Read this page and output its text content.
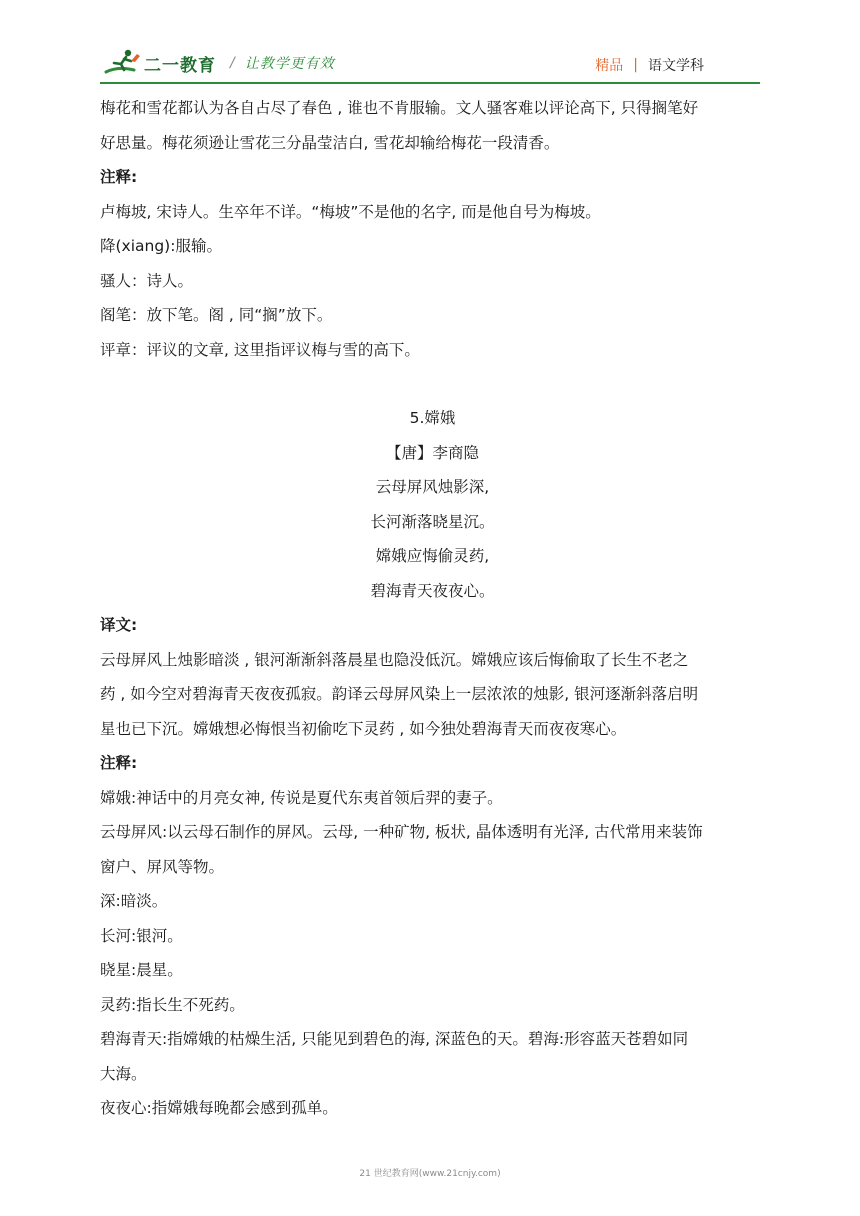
二一教育 / 让教学更有效	精品 | 语文学科

梅花和雪花都认为各自占尽了春色 , 谁也不肯服输。文人骚客难以评论高下, 只得搁笔好

好思量。梅花须逊让雪花三分晶莹洁白, 雪花却输给梅花一段清香。

注释:

卢梅坡, 宋诗人。生卒年不详。“梅坡”不是他的名字, 而是他自号为梅坡。

降(xiang):服输。

骚人：诗人。

阁笔：放下笔。阁 , 同“搁”放下。

评章：评议的文章, 这里指评议梅与雪的高下。

5.嫦娥

【唐】李商隐

云母屏风烛影深,

长河渐落晓星沉。

嫦娥应悔偷灵药,

碧海青天夜夜心。

译文:

云母屏风上烛影暗淡 , 银河渐渐斜落晨星也隐没低沉。嫦娥应该后悔偷取了长生不老之

药 , 如今空对碧海青天夜夜孤寂。韵译云母屏风染上一层浓浓的烛影, 银河逐渐斜落启明

星也已下沉。嫦娥想必悔恨当初偷吃下灵药 , 如今独处碧海青天而夜夜寒心。

注释:

嫦娥:神话中的月亮女神, 传说是夏代东夷首领后羿的妻子。

云母屏风:以云母石制作的屏风。云母, 一种矿物, 板状, 晶体透明有光泽, 古代常用来装饰

窗户、屏风等物。

深:暗淡。

长河:银河。

晓星:晨星。

灵药:指长生不死药。

碧海青天:指嫦娥的枯燥生活, 只能见到碧色的海, 深蓝色的天。碧海:形容蓝天苍碧如同

大海。

夜夜心:指嫦娥每晚都会感到孤单。

21 世纪教育网(www.21cnjy.com)
